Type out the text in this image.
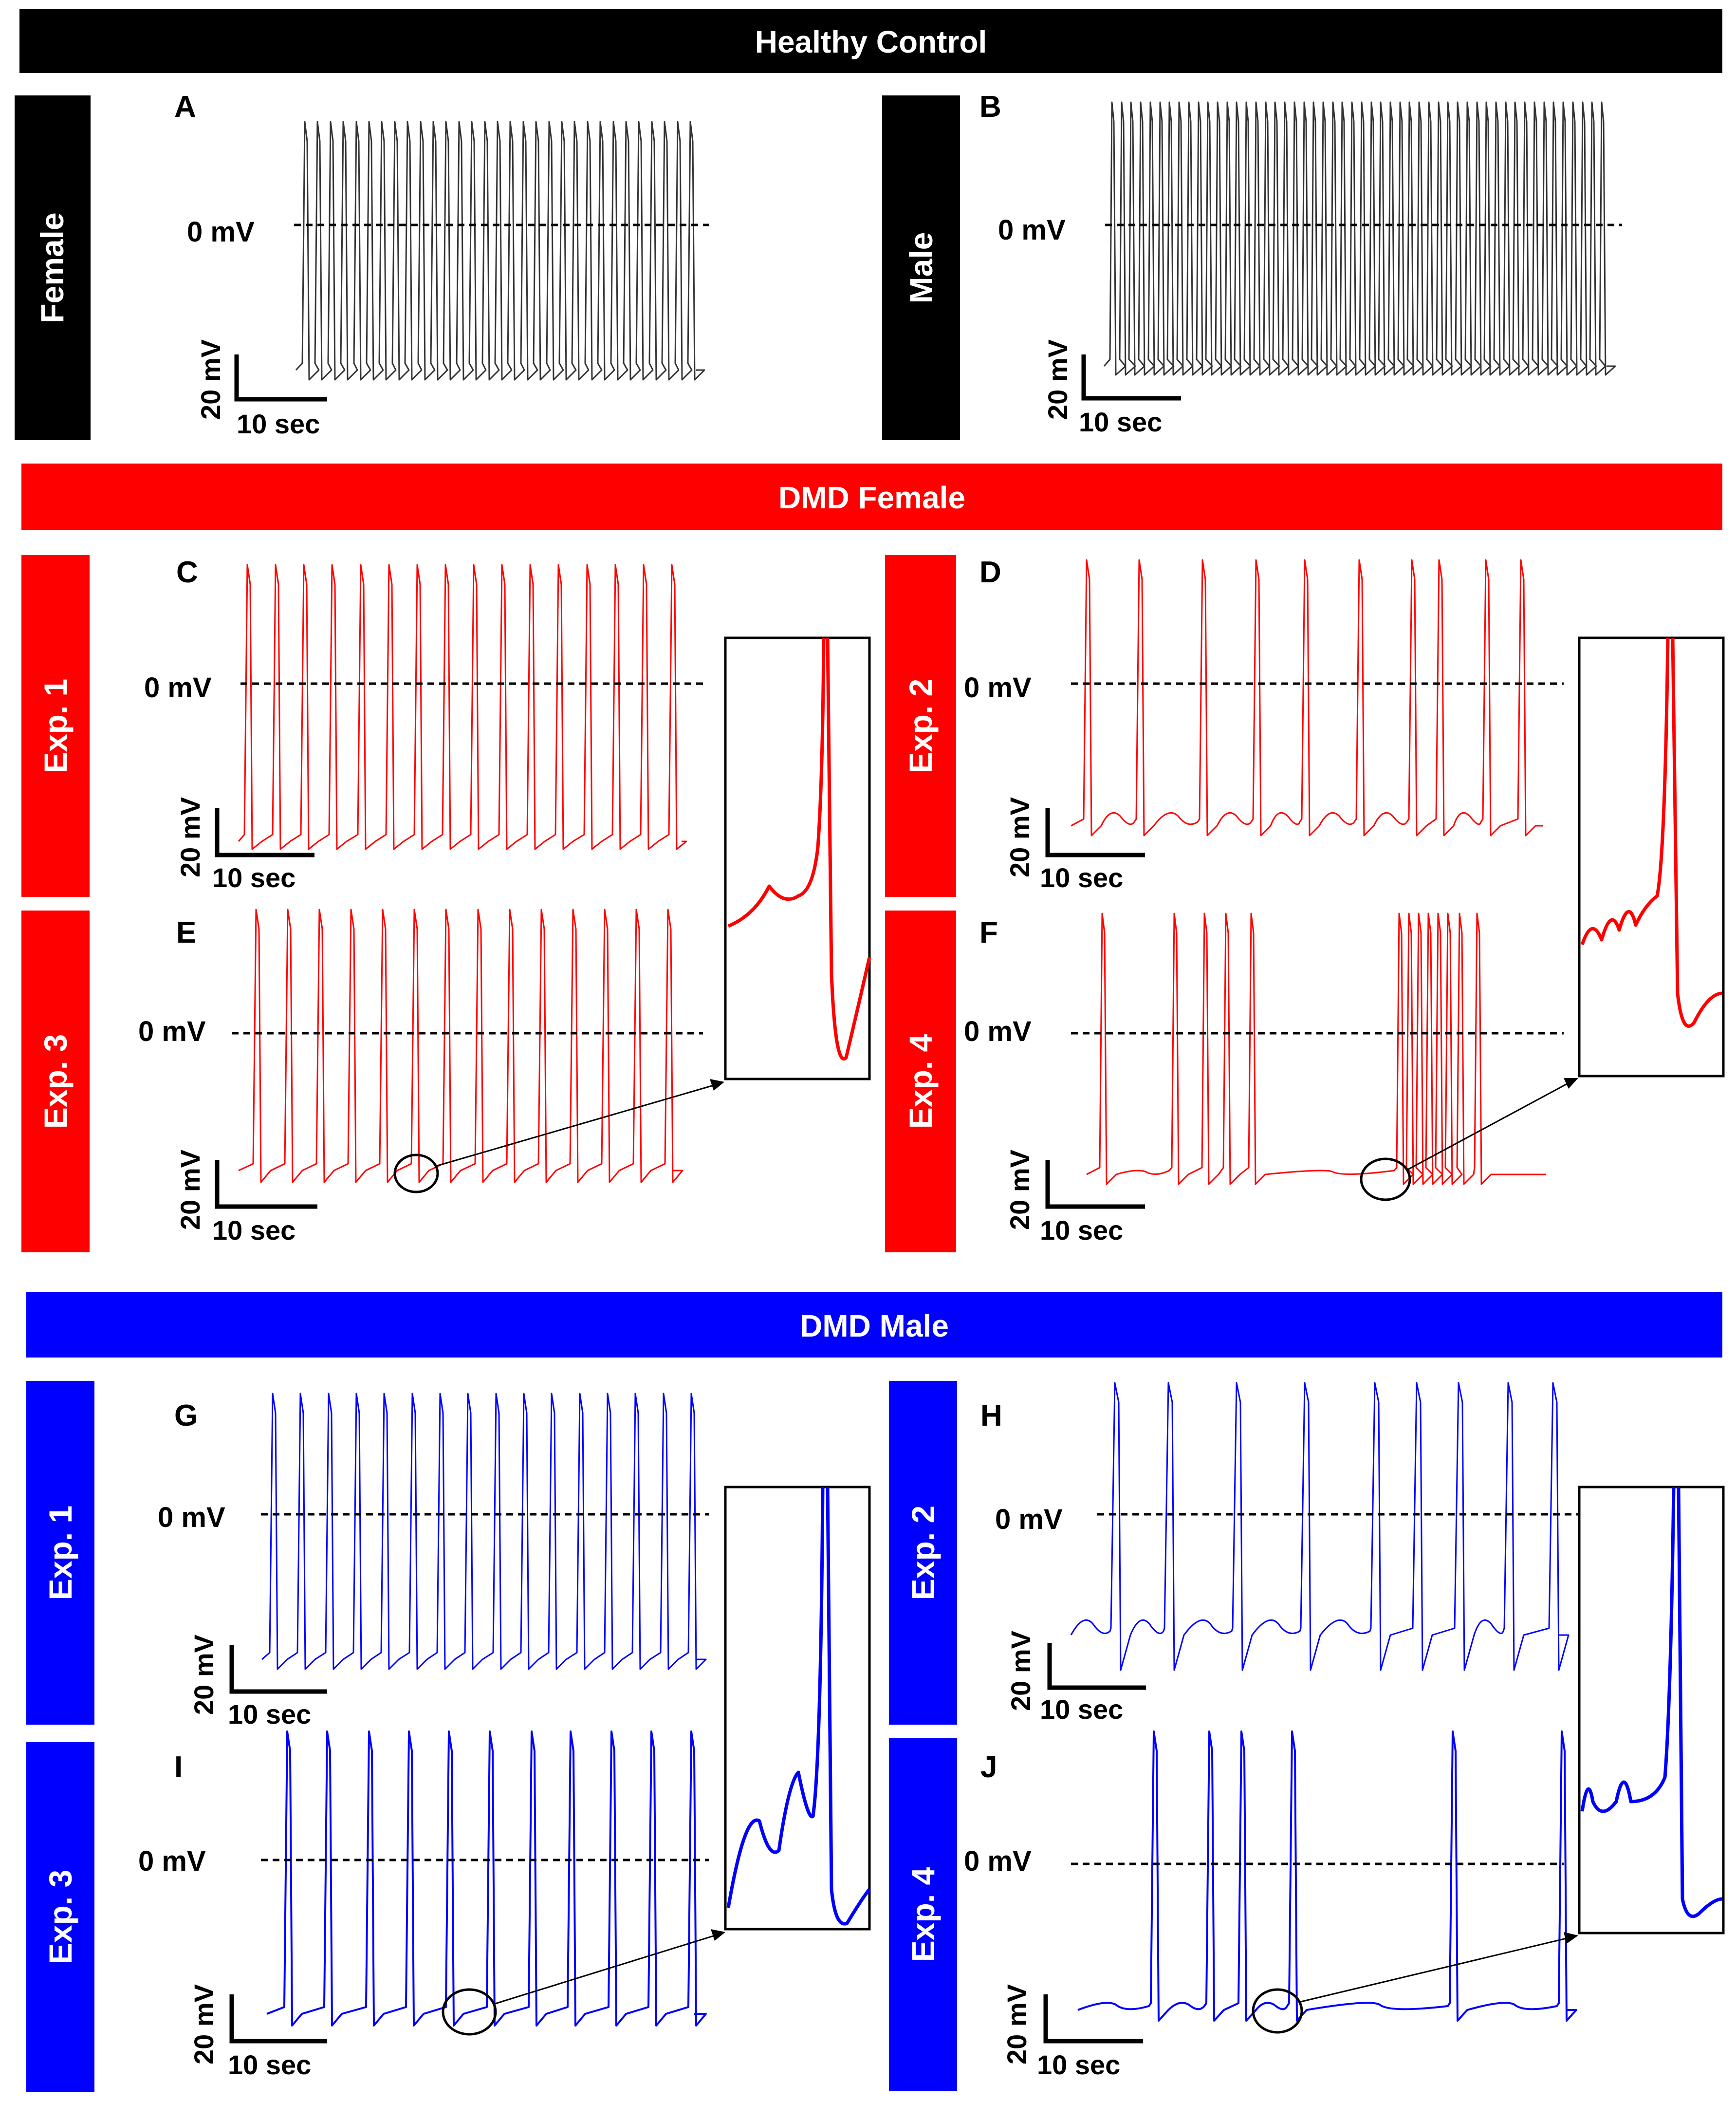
Healthy Control
DMD Female
DMD Male
Female	Male
Exp. 1	Exp. 2
Exp. 3	Exp. 4
Exp. 1	Exp. 2
Exp. 3	Exp. 4
A	B
C	D
E	F
G	H
I	J
0 mV	0 mV
0 mV	0 mV
0 mV	0 mV
0 mV	0 mV
0 mV	0 mV
20 mV
10 sec
20 mV
10 sec
20 mV
10 sec
20 mV
10 sec
20 mV
10 sec
20 mV
10 sec
20 mV 10 sec
20 mV 10 sec
20 mV
10 sec
20 mV
10 sec
